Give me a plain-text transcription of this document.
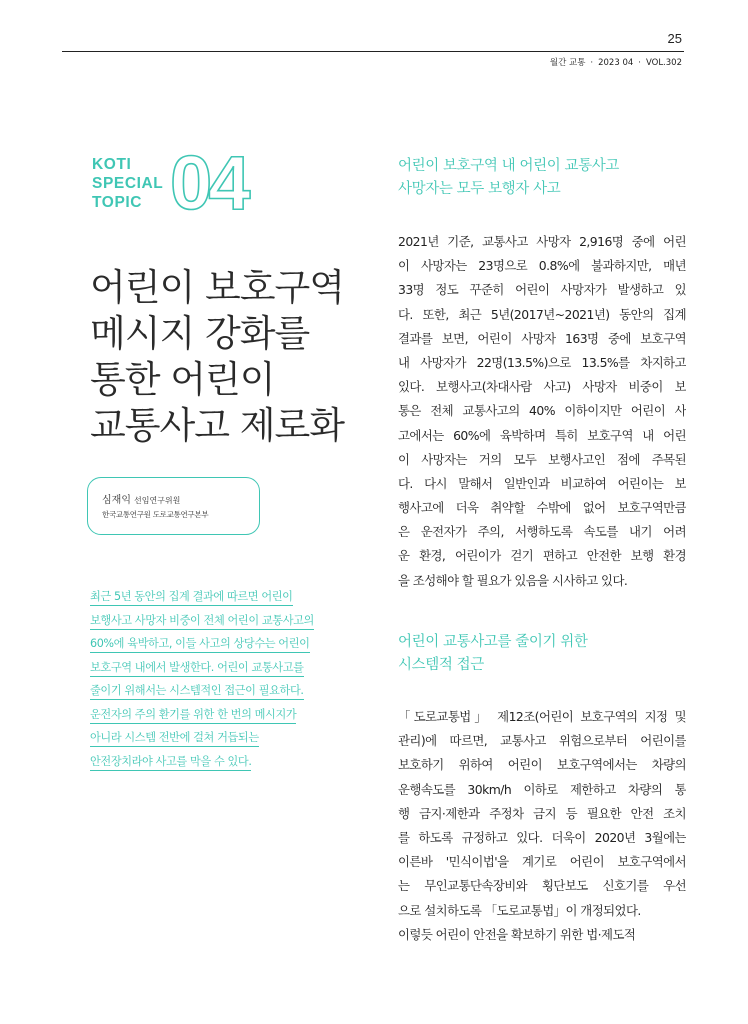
25
월간 교통 · 2023 04 · VOL.302
KOTI
SPECIAL
TOPIC 04
어린이 보호구역
메시지 강화를
통한 어린이
교통사고 제로화
심재익 선임연구위원
한국교통연구원 도로교통연구본부
최근 5년 동안의 집계 결과에 따르면 어린이
보행사고 사망자 비중이 전체 어린이 교통사고의
60%에 육박하고, 이들 사고의 상당수는 어린이
보호구역 내에서 발생한다. 어린이 교통사고를
줄이기 위해서는 시스템적인 접근이 필요하다.
운전자의 주의 환기를 위한 한 번의 메시지가
아니라 시스템 전반에 걸쳐 거듭되는
안전장치라야 사고를 막을 수 있다.
어린이 보호구역 내 어린이 교통사고
사망자는 모두 보행자 사고
2021년 기준, 교통사고 사망자 2,916명 중에 어린
이 사망자는 23명으로 0.8%에 불과하지만, 매년
33명 정도 꾸준히 어린이 사망자가 발생하고 있
다. 또한, 최근 5년(2017년~2021년) 동안의 집계
결과를 보면, 어린이 사망자 163명 중에 보호구역
내 사망자가 22명(13.5%)으로 13.5%를 차지하고
있다. 보행사고(차대사람 사고) 사망자 비중이 보
통은 전체 교통사고의 40% 이하이지만 어린이 사
고에서는 60%에 육박하며 특히 보호구역 내 어린
이 사망자는 거의 모두 보행사고인 점에 주목된
다. 다시 말해서 일반인과 비교하여 어린이는 보
행사고에 더욱 취약할 수밖에 없어 보호구역만큼
은 운전자가 주의, 서행하도록 속도를 내기 어려
운 환경, 어린이가 걷기 편하고 안전한 보행 환경
을 조성해야 할 필요가 있음을 시사하고 있다.
어린이 교통사고를 줄이기 위한
시스템적 접근
「도로교통법」 제12조(어린이 보호구역의 지정 및
관리)에 따르면, 교통사고 위험으로부터 어린이를
보호하기 위하여 어린이 보호구역에서는 차량의
운행속도를 30km/h 이하로 제한하고 차량의 통
행 금지·제한과 주정차 금지 등 필요한 안전 조치
를 하도록 규정하고 있다. 더욱이 2020년 3월에는
이른바 '민식이법'을 계기로 어린이 보호구역에서
는 무인교통단속장비와 횡단보도 신호기를 우선
으로 설치하도록 「도로교통법」이 개정되었다.
이렇듯 어린이 안전을 확보하기 위한 법·제도적
